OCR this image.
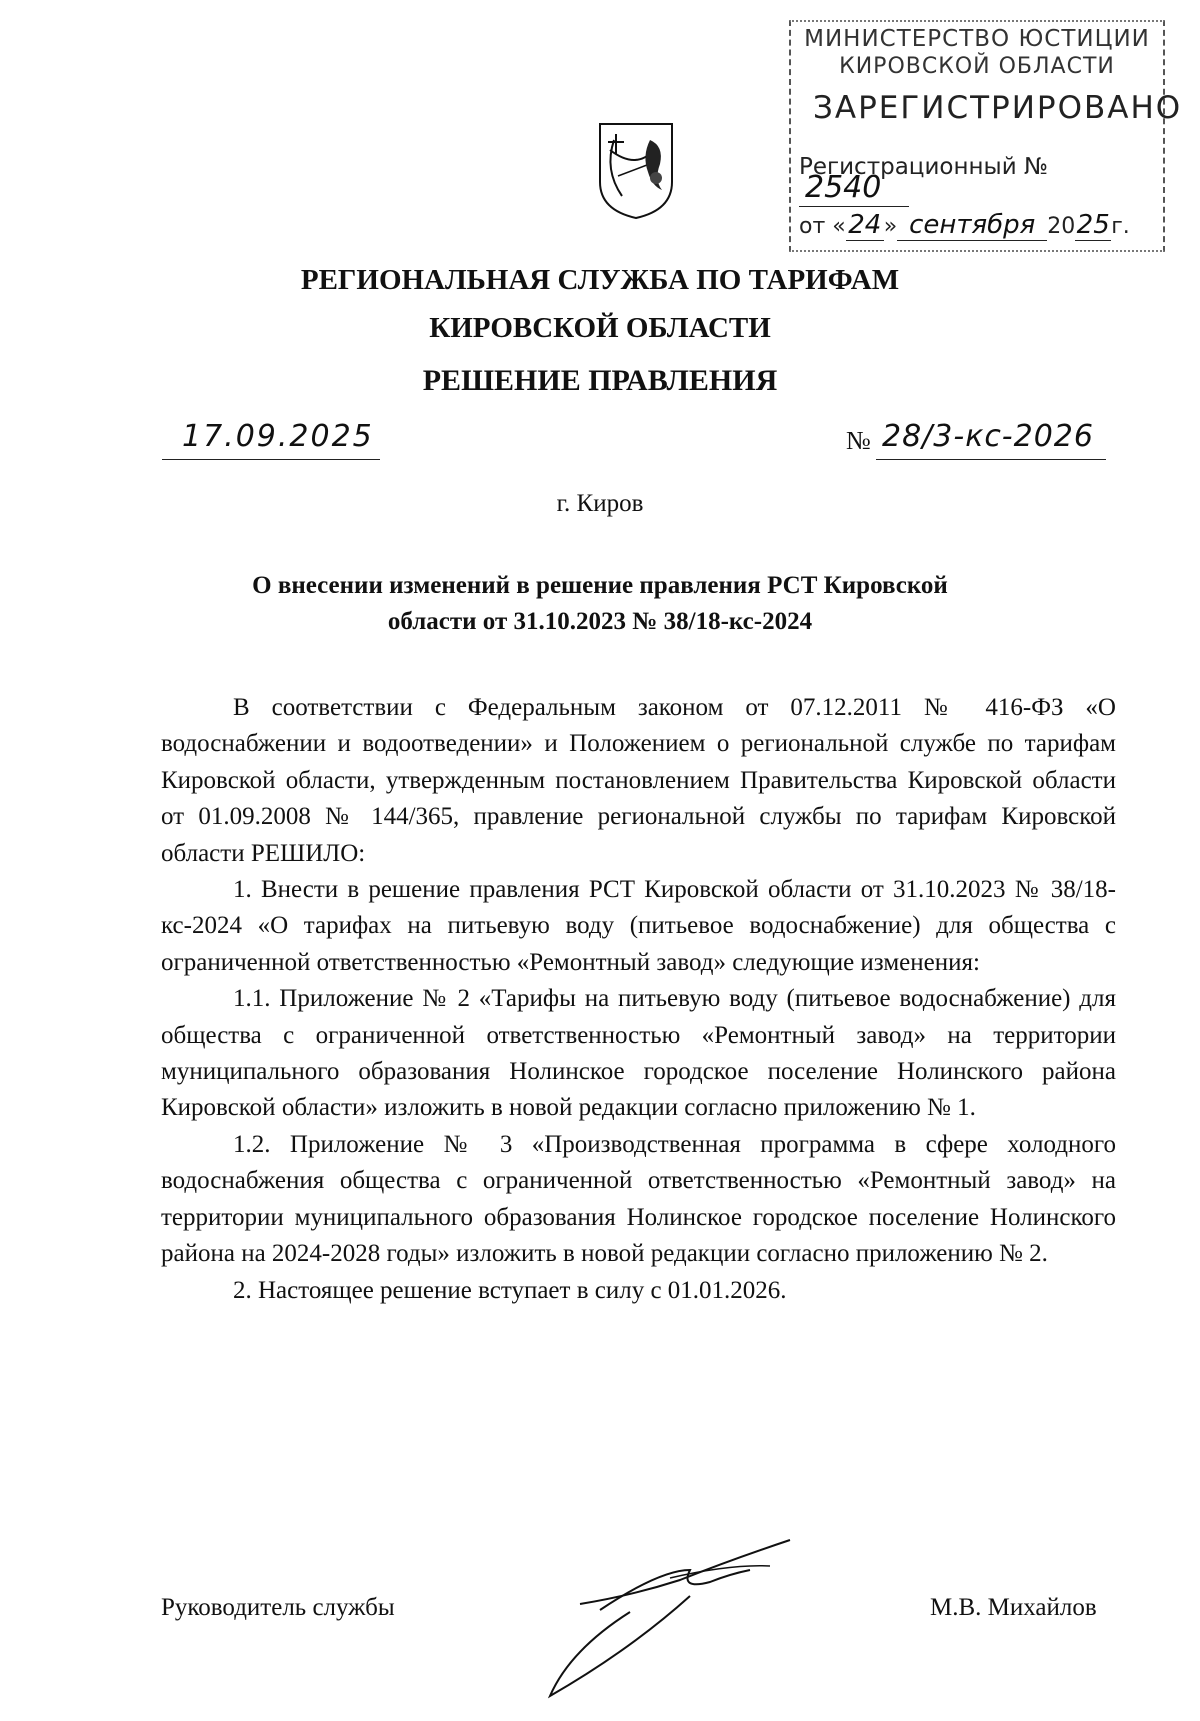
МИНИСТЕРСТВО ЮСТИЦИИ
КИРОВСКОЙ ОБЛАСТИ
ЗАРЕГИСТРИРОВАНО
Регистрационный №
2540
от «24 » сентября 2025г.
РЕГИОНАЛЬНАЯ СЛУЖБА ПО ТАРИФАМ
КИРОВСКОЙ ОБЛАСТИ
РЕШЕНИЕ ПРАВЛЕНИЯ
17.09.2025	№ 28/3-кс-2026
г. Киров
О внесении изменений в решение правления РСТ Кировской
области от 31.10.2023 № 38/18-кс-2024

В соответствии с Федеральным законом от 07.12.2011 № 416-ФЗ «О водоснабжении и водоотведении» и Положением о региональной службе по тарифам Кировской области, утвержденным постановлением Правительства Кировской области от 01.09.2008 № 144/365, правление региональной службы по тарифам Кировской области РЕШИЛО:

1. Внести в решение правления РСТ Кировской области от 31.10.2023 № 38/18-кс-2024 «О тарифах на питьевую воду (питьевое водоснабжение) для общества с ограниченной ответственностью «Ремонтный завод» следующие изменения:

1.1. Приложение № 2 «Тарифы на питьевую воду (питьевое водоснабжение) для общества с ограниченной ответственностью «Ремонтный завод» на территории муниципального образования Нолинское городское поселение Нолинского района Кировской области» изложить в новой редакции согласно приложению № 1.

1.2. Приложение № 3 «Производственная программа в сфере холодного водоснабжения общества с ограниченной ответственностью «Ремонтный завод» на территории муниципального образования Нолинское городское поселение Нолинского района на 2024-2028 годы» изложить в новой редакции согласно приложению № 2.

2. Настоящее решение вступает в силу с 01.01.2026.

Руководитель службы	М.В. Михайлов
